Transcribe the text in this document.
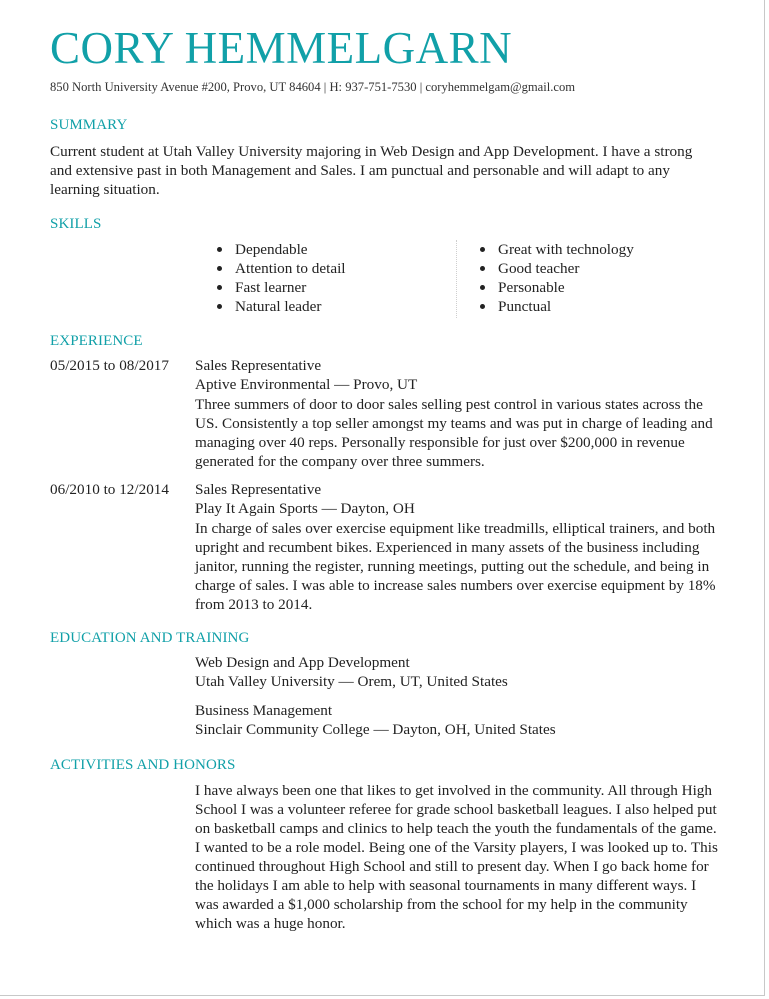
CORY HEMMELGARN
850 North University Avenue #200, Provo, UT 84604 | H: 937-751-7530 | coryhemmelgam@gmail.com
SUMMARY
Current student at Utah Valley University majoring in Web Design and App Development. I have a strong and extensive past in both Management and Sales. I am punctual and personable and will adapt to any learning situation.
SKILLS
Dependable
Attention to detail
Fast learner
Natural leader
Great with technology
Good teacher
Personable
Punctual
EXPERIENCE
05/2015 to 08/2017 Sales Representative
Aptive Environmental — Provo, UT
Three summers of door to door sales selling pest control in various states across the US. Consistently a top seller amongst my teams and was put in charge of leading and managing over 40 reps. Personally responsible for just over $200,000 in revenue generated for the company over three summers.
06/2010 to 12/2014 Sales Representative
Play It Again Sports — Dayton, OH
In charge of sales over exercise equipment like treadmills, elliptical trainers, and both upright and recumbent bikes. Experienced in many assets of the business including janitor, running the register, running meetings, putting out the schedule, and being in charge of sales. I was able to increase sales numbers over exercise equipment by 18% from 2013 to 2014.
EDUCATION AND TRAINING
Web Design and App Development
Utah Valley University — Orem, UT, United States
Business Management
Sinclair Community College — Dayton, OH, United States
ACTIVITIES AND HONORS
I have always been one that likes to get involved in the community. All through High School I was a volunteer referee for grade school basketball leagues. I also helped put on basketball camps and clinics to help teach the youth the fundamentals of the game. I wanted to be a role model. Being one of the Varsity players, I was looked up to. This continued throughout High School and still to present day. When I go back home for the holidays I am able to help with seasonal tournaments in many different ways. I was awarded a $1,000 scholarship from the school for my help in the community which was a huge honor.
